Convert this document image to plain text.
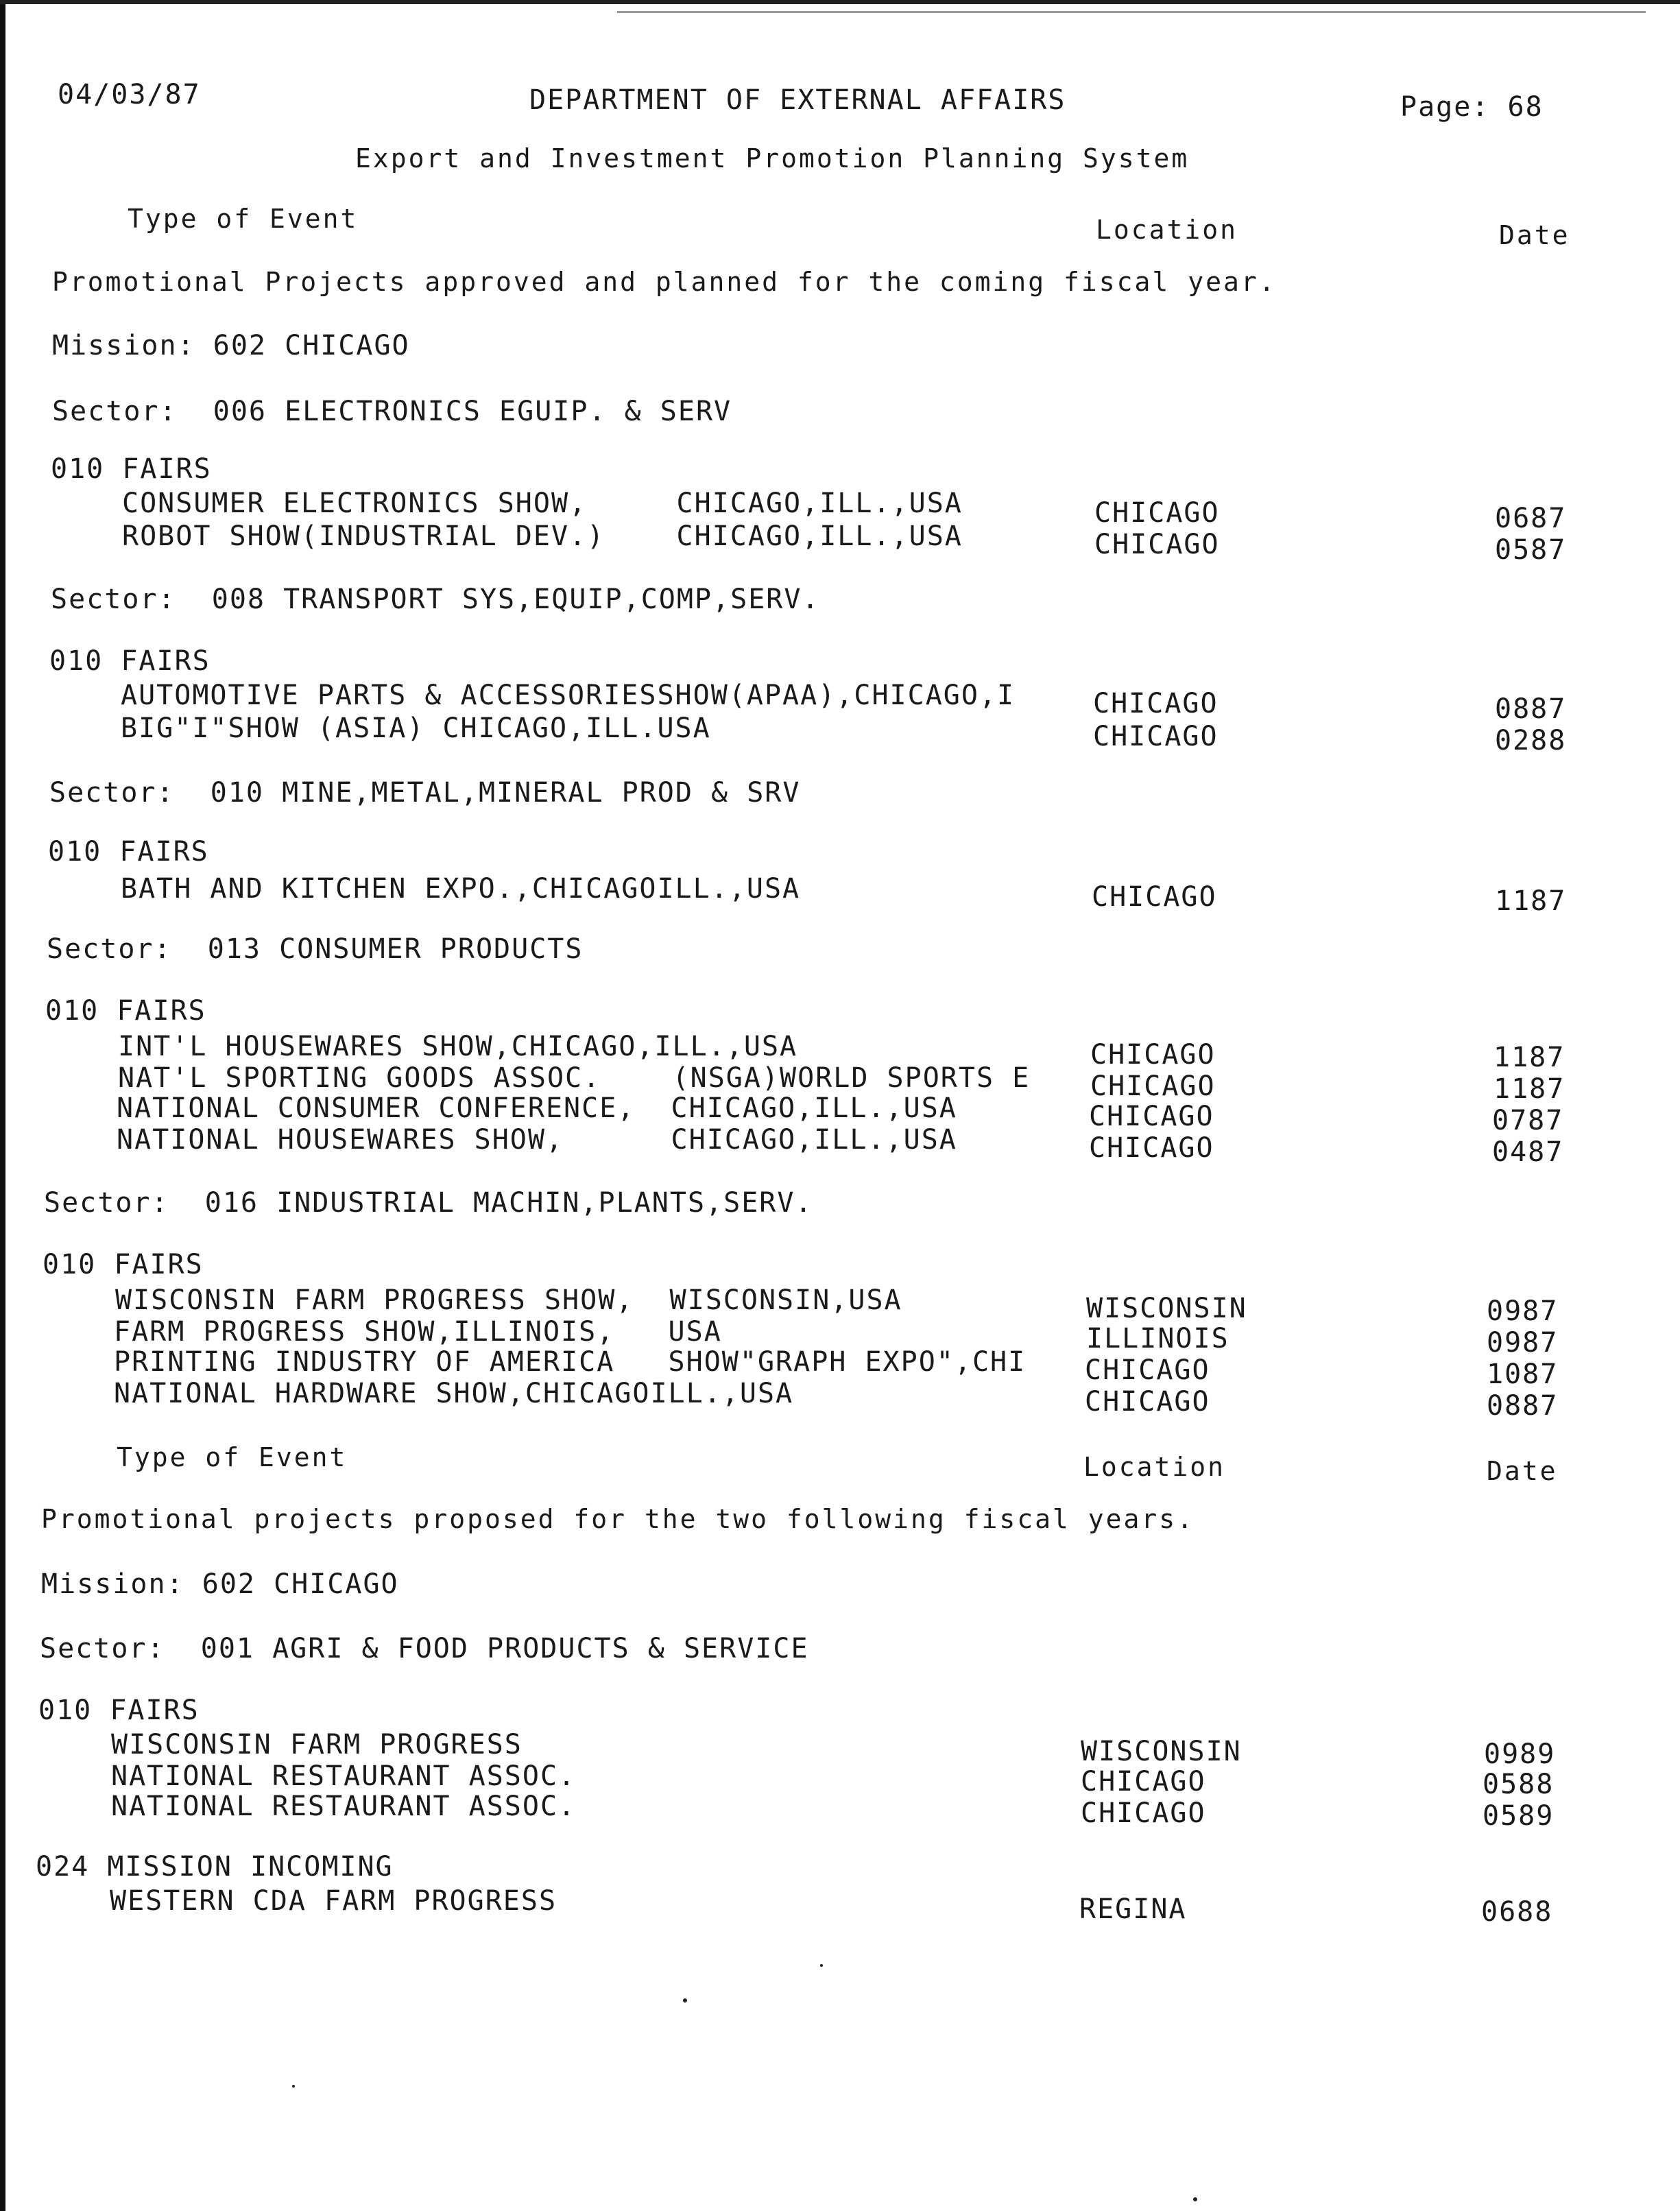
04/03/87	DEPARTMENT OF EXTERNAL AFFAIRS	Page: 68
Export and Investment Promotion Planning System
Type of Event	Location	Date
Promotional Projects approved and planned for the coming fiscal year.
Mission: 602 CHICAGO
Sector:  006 ELECTRONICS EGUIP. & SERV
010 FAIRS
CONSUMER ELECTRONICS SHOW,     CHICAGO,ILL.,USA	CHICAGO	0687
ROBOT SHOW(INDUSTRIAL DEV.)    CHICAGO,ILL.,USA	CHICAGO	0587
Sector:  008 TRANSPORT SYS,EQUIP,COMP,SERV.
010 FAIRS
AUTOMOTIVE PARTS & ACCESSORIESSHOW(APAA),CHICAGO,I	CHICAGO	0887
BIG"I"SHOW (ASIA) CHICAGO,ILL.USA	CHICAGO	0288
Sector:  010 MINE,METAL,MINERAL PROD & SRV
010 FAIRS
BATH AND KITCHEN EXPO.,CHICAGOILL.,USA	CHICAGO	1187
Sector:  013 CONSUMER PRODUCTS
010 FAIRS
INT'L HOUSEWARES SHOW,CHICAGO,ILL.,USA	CHICAGO	1187
NAT'L SPORTING GOODS ASSOC.    (NSGA)WORLD SPORTS E CHICAGO	1187
NATIONAL CONSUMER CONFERENCE,  CHICAGO,ILL.,USA	CHICAGO	0787
NATIONAL HOUSEWARES SHOW,      CHICAGO,ILL.,USA	CHICAGO	0487
Sector:  016 INDUSTRIAL MACHIN,PLANTS,SERV.
010 FAIRS
WISCONSIN FARM PROGRESS SHOW,  WISCONSIN,USA	WISCONSIN	0987
FARM PROGRESS SHOW,ILLINOIS,   USA	ILLINOIS	0987
PRINTING INDUSTRY OF AMERICA   SHOW"GRAPH EXPO",CHI CHICAGO	1087
NATIONAL HARDWARE SHOW,CHICAGOILL.,USA	CHICAGO	0887
Type of Event	Location	Date
Promotional projects proposed for the two following fiscal years.
Mission: 602 CHICAGO
Sector:  001 AGRI & FOOD PRODUCTS & SERVICE
010 FAIRS
WISCONSIN FARM PROGRESS	WISCONSIN	0989
NATIONAL RESTAURANT ASSOC.	CHICAGO	0588
NATIONAL RESTAURANT ASSOC.	CHICAGO	0589
024 MISSION INCOMING
WESTERN CDA FARM PROGRESS	REGINA	0688
